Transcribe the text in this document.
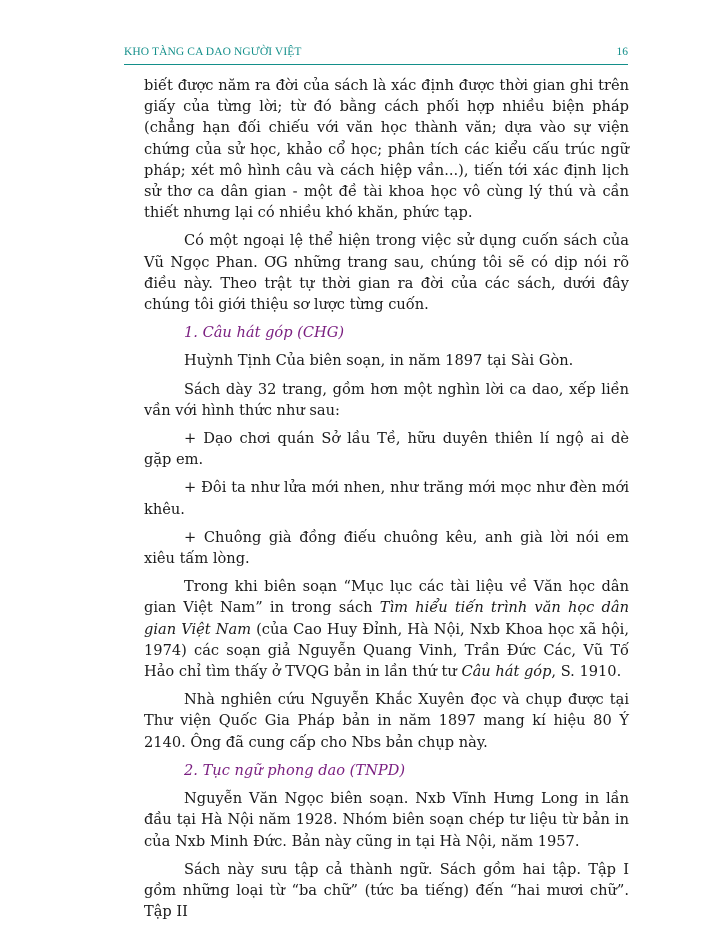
KHO TÀNG CA DAO NGƯỜI VIỆT	16

biết được năm ra đời của sách là xác định được thời gian ghi trên giấy của từng lời; từ đó bằng cách phối hợp nhiều biện pháp (chẳng hạn đối chiếu với văn học thành văn; dựa vào sự viện chứng của sử học, khảo cổ học; phân tích các kiểu cấu trúc ngữ pháp; xét mô hình câu và cách hiệp vần...), tiến tới xác định lịch sử thơ ca dân gian - một đề tài khoa học vô cùng lý thú và cần thiết nhưng lại có nhiều khó khăn, phức tạp.

Có một ngoại lệ thể hiện trong việc sử dụng cuốn sách của Vũ Ngọc Phan. ƠG những trang sau, chúng tôi sẽ có dịp nói rõ điều này. Theo trật tự thời gian ra đời của các sách, dưới đây chúng tôi giới thiệu sơ lược từng cuốn.

1. Câu hát góp (CHG)

Huỳnh Tịnh Của biên soạn, in năm 1897 tại Sài Gòn.

Sách dày 32 trang, gồm hơn một nghìn lời ca dao, xếp liền vần với hình thức như sau:

+ Dạo chơi quán Sở lầu Tề, hữu duyên thiên lí ngộ ai dè gặp em.

+ Đôi ta như lửa mới nhen, như trăng mới mọc như đèn mới khêu.

+ Chuông già đồng điếu chuông kêu, anh già lời nói em xiêu tấm lòng.

Trong khi biên soạn “Mục lục các tài liệu về Văn học dân gian Việt Nam” in trong sách Tìm hiểu tiến trình văn học dân gian Việt Nam (của Cao Huy Đỉnh, Hà Nội, Nxb Khoa học xã hội, 1974) các soạn giả Nguyễn Quang Vinh, Trần Đức Các, Vũ Tố Hảo chỉ tìm thấy ở TVQG bản in lần thứ tư Câu hát góp, S. 1910.

Nhà nghiên cứu Nguyễn Khắc Xuyên đọc và chụp được tại Thư viện Quốc Gia Pháp bản in năm 1897 mang kí hiệu 80 Ý 2140. Ông đã cung cấp cho Nbs bản chụp này.

2. Tục ngữ phong dao (TNPD)

Nguyễn Văn Ngọc biên soạn. Nxb Vĩnh Hưng Long in lần đầu tại Hà Nội năm 1928. Nhóm biên soạn chép tư liệu từ bản in của Nxb Minh Đức. Bản này cũng in tại Hà Nội, năm 1957.

Sách này sưu tập cả thành ngữ. Sách gồm hai tập. Tập I gồm những loại từ “ba chữ” (tức ba tiếng) đến “hai mươi chữ”. Tập II
